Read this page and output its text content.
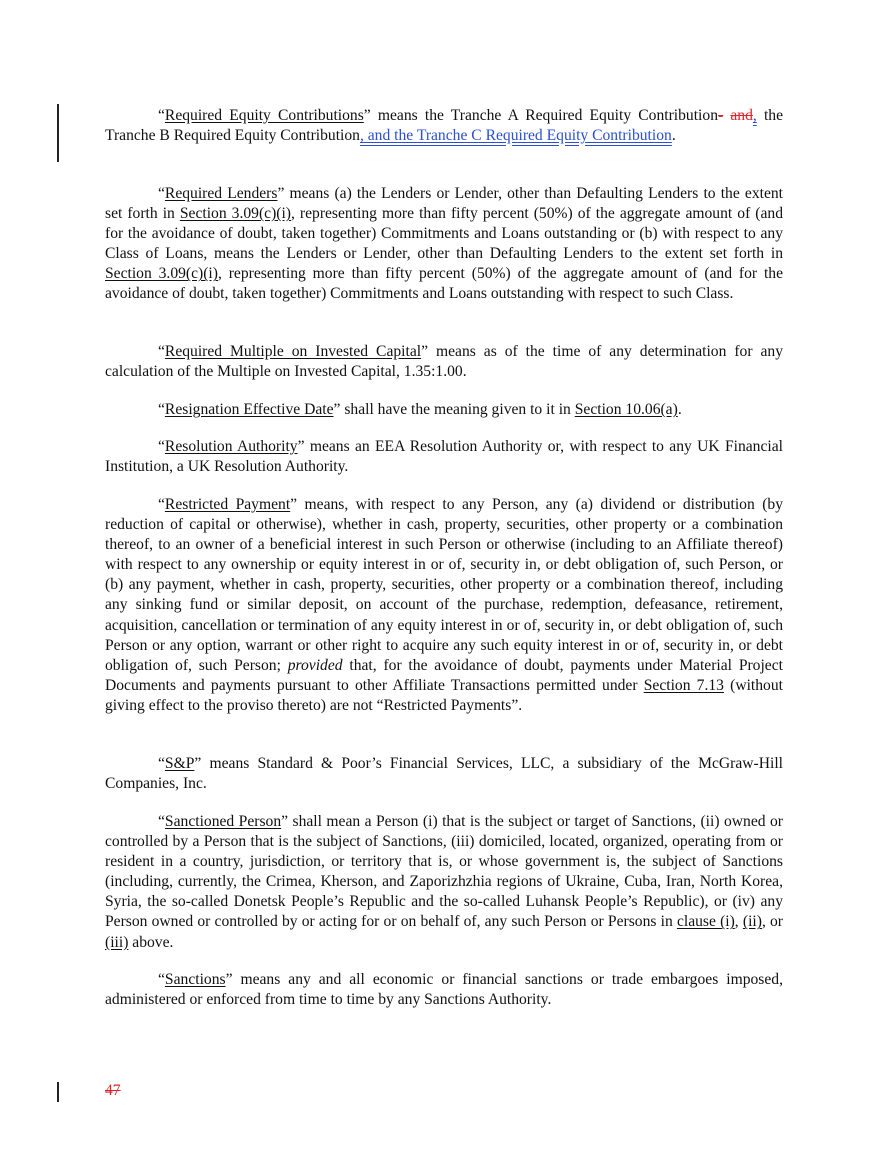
“Required Equity Contributions” means the Tranche A Required Equity Contribution- and, the Tranche B Required Equity Contribution, and the Tranche C Required Equity Contribution.

“Required Lenders” means (a) the Lenders or Lender, other than Defaulting Lenders to the extent set forth in Section 3.09(c)(i), representing more than fifty percent (50%) of the aggregate amount of (and for the avoidance of doubt, taken together) Commitments and Loans outstanding or (b) with respect to any Class of Loans, means the Lenders or Lender, other than Defaulting Lenders to the extent set forth in Section 3.09(c)(i), representing more than fifty percent (50%) of the aggregate amount of (and for the avoidance of doubt, taken together) Commitments and Loans outstanding with respect to such Class.

“Required Multiple on Invested Capital” means as of the time of any determination for any calculation of the Multiple on Invested Capital, 1.35:1.00.

“Resignation Effective Date” shall have the meaning given to it in Section 10.06(a).

“Resolution Authority” means an EEA Resolution Authority or, with respect to any UK Financial Institution, a UK Resolution Authority.

“Restricted Payment” means, with respect to any Person, any (a) dividend or distribution (by reduction of capital or otherwise), whether in cash, property, securities, other property or a combination thereof, to an owner of a beneficial interest in such Person or otherwise (including to an Affiliate thereof) with respect to any ownership or equity interest in or of, security in, or debt obligation of, such Person, or (b) any payment, whether in cash, property, securities, other property or a combination thereof, including any sinking fund or similar deposit, on account of the purchase, redemption, defeasance, retirement, acquisition, cancellation or termination of any equity interest in or of, security in, or debt obligation of, such Person or any option, warrant or other right to acquire any such equity interest in or of, security in, or debt obligation of, such Person; provided that, for the avoidance of doubt, payments under Material Project Documents and payments pursuant to other Affiliate Transactions permitted under Section 7.13 (without giving effect to the proviso thereto) are not “Restricted Payments”.

“S&P” means Standard & Poor’s Financial Services, LLC, a subsidiary of the McGraw-Hill Companies, Inc.

“Sanctioned Person” shall mean a Person (i) that is the subject or target of Sanctions, (ii) owned or controlled by a Person that is the subject of Sanctions, (iii) domiciled, located, organized, operating from or resident in a country, jurisdiction, or territory that is, or whose government is, the subject of Sanctions (including, currently, the Crimea, Kherson, and Zaporizhzhia regions of Ukraine, Cuba, Iran, North Korea, Syria, the so-called Donetsk People’s Republic and the so-called Luhansk People’s Republic), or (iv) any Person owned or controlled by or acting for or on behalf of, any such Person or Persons in clause (i), (ii), or (iii) above.

“Sanctions” means any and all economic or financial sanctions or trade embargoes imposed, administered or enforced from time to time by any Sanctions Authority.

47
